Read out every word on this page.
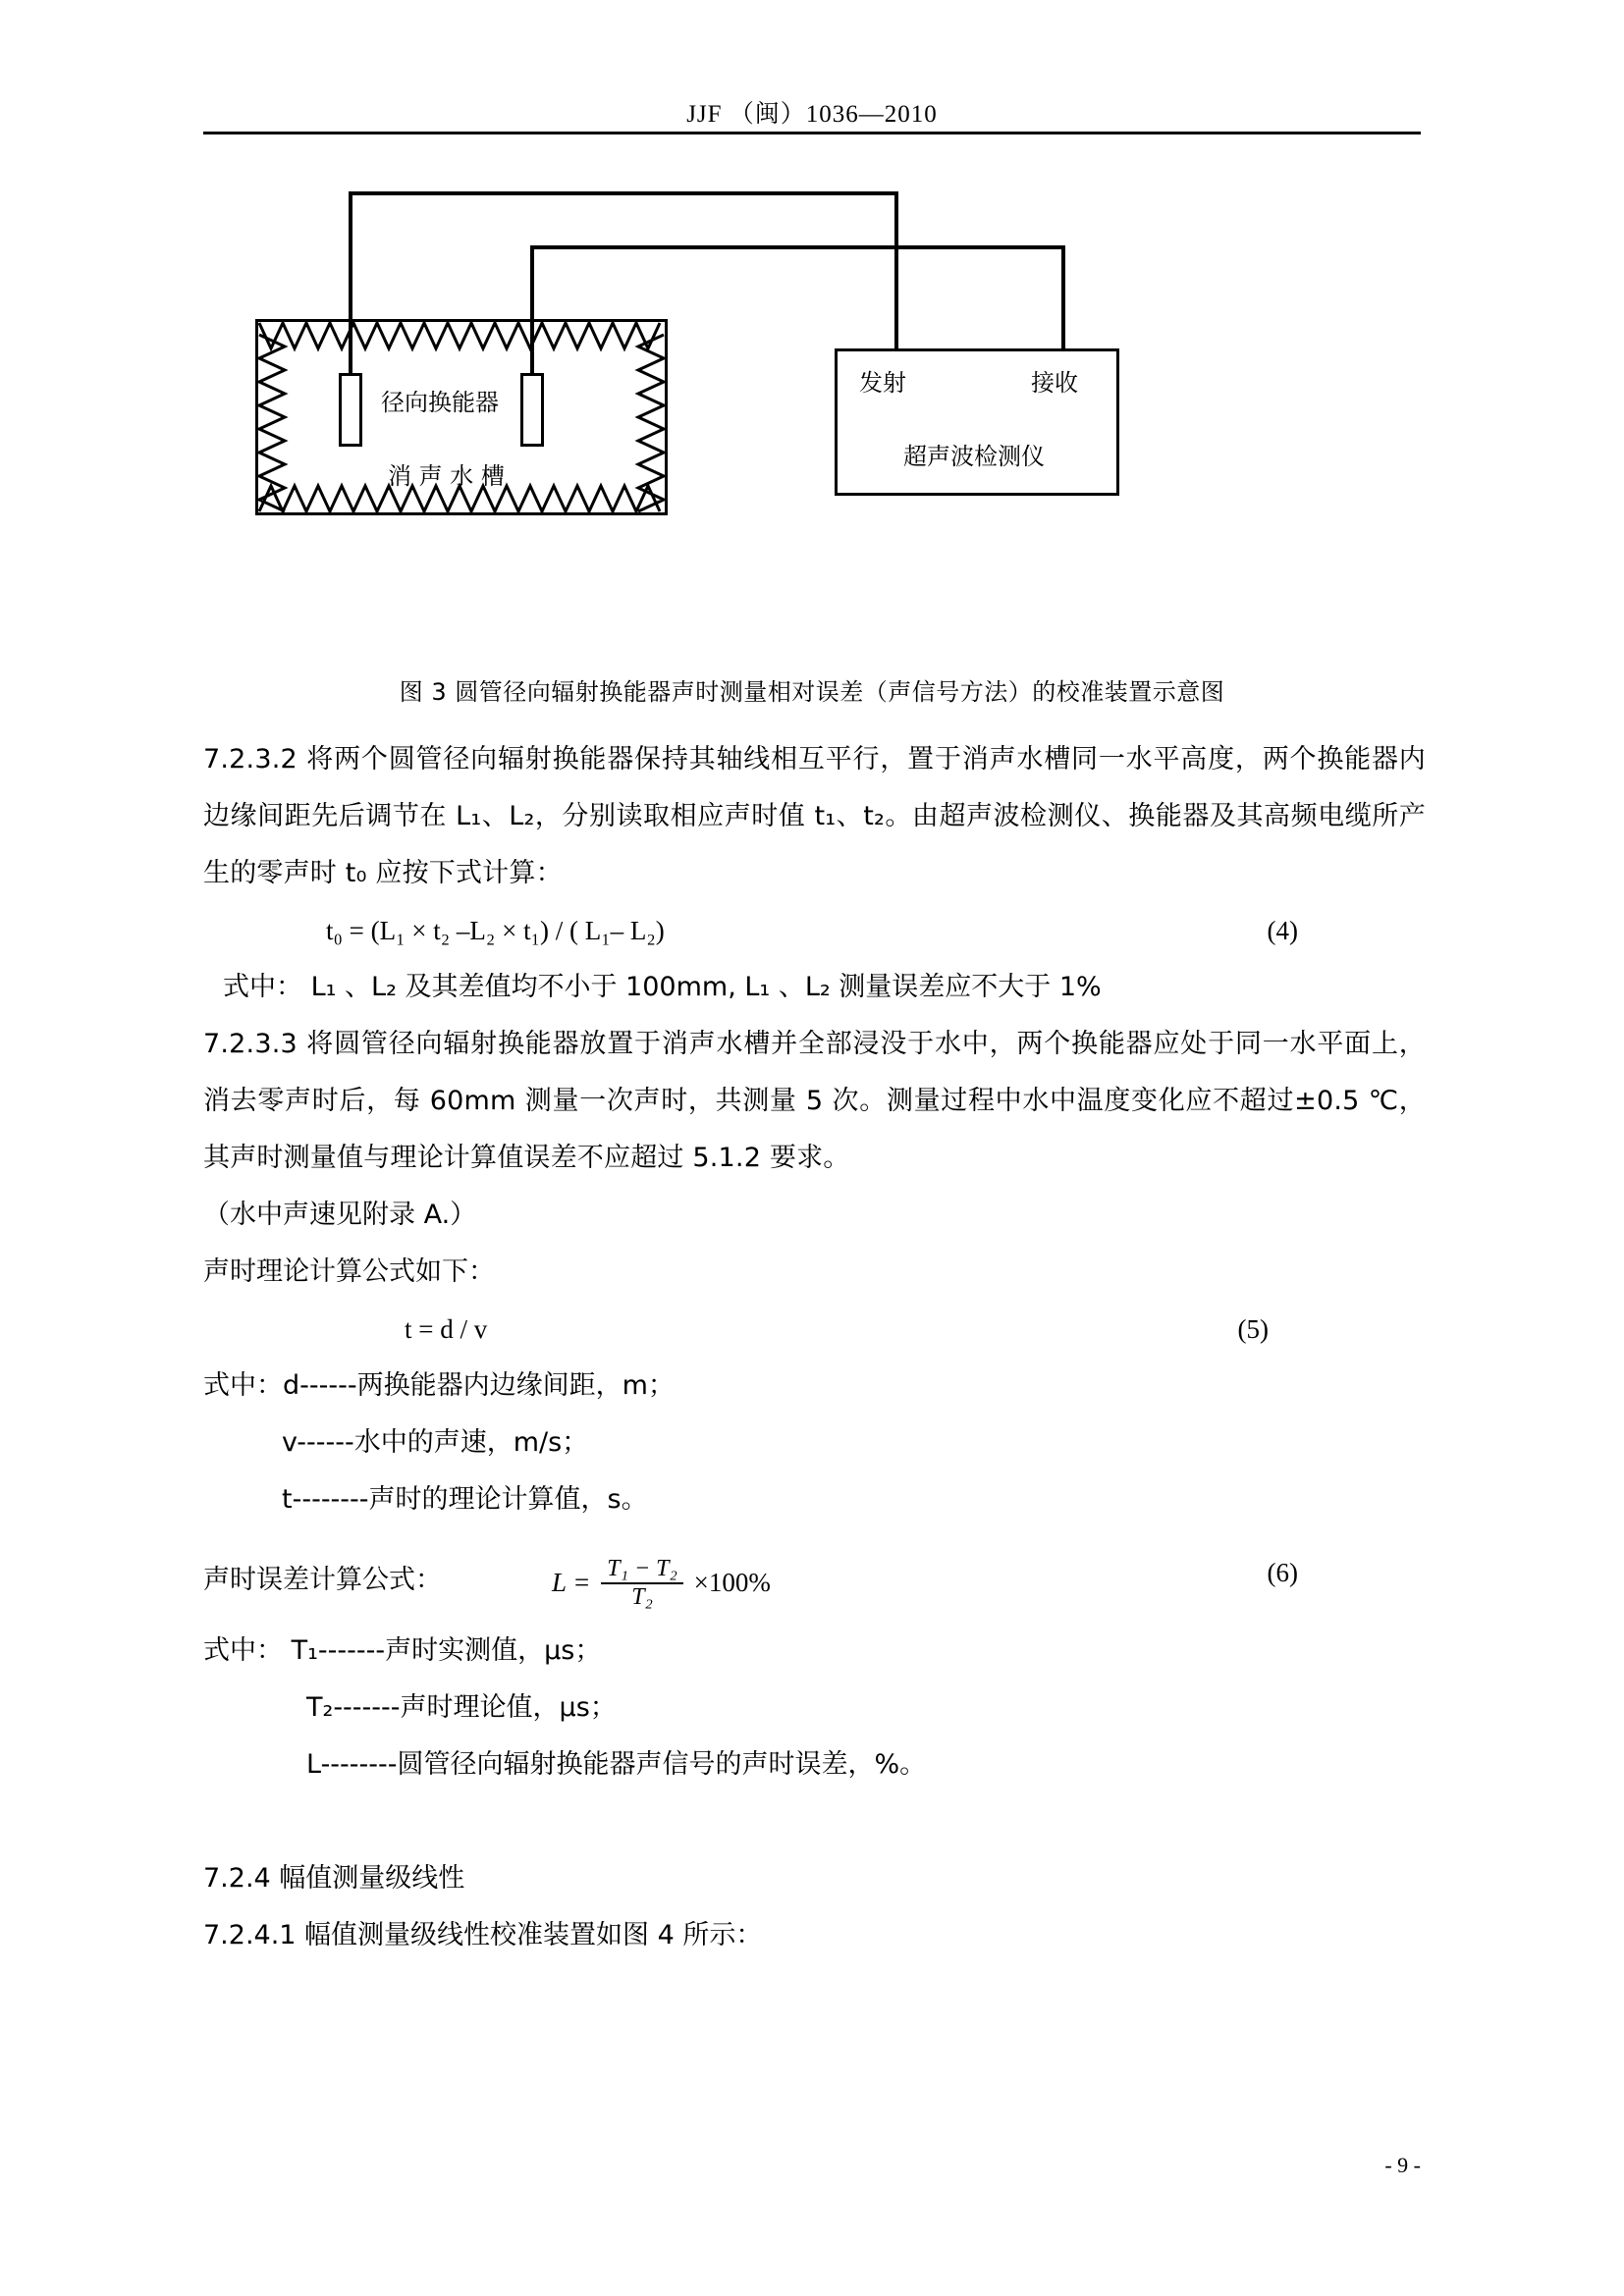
JJF （闽）1036—2010
径向换能器
消 声 水 槽
发射	接收
超声波检测仪
图 3 圆管径向辐射换能器声时测量相对误差（声信号方法）的校准装置示意图

7.2.3.2 将两个圆管径向辐射换能器保持其轴线相互平行，置于消声水槽同一水平高度，两个换能器内边缘间距先后调节在 L₁、L₂，分别读取相应声时值 t₁、t₂。由超声波检测仪、换能器及其高频电缆所产生的零声时 t₀ 应按下式计算：

t₀ = (L₁ × t₂ –L₂ × t₁) / ( L₁– L₂)	(4)
式中： L₁ 、L₂ 及其差值均不小于 100mm, L₁ 、L₂ 测量误差应不大于 1%

7.2.3.3 将圆管径向辐射换能器放置于消声水槽并全部浸没于水中，两个换能器应处于同一水平面上，消去零声时后，每 60mm 测量一次声时，共测量 5 次。测量过程中水中温度变化应不超过±0.5 ℃，其声时测量值与理论计算值误差不应超过 5.1.2 要求。

（水中声速见附录 A.）
声时理论计算公式如下：
t = d / v	(5)
式中：d------两换能器内边缘间距，m；
v------水中的声速，m/s；
t--------声时的理论计算值，s。
声时误差计算公式：	$L = \frac{\text{T₁ − T₂}}{\text{T₂}} \times 100\%$	(6)
式中： T₁-------声时实测值，μs；
T₂-------声时理论值，μs；
L--------圆管径向辐射换能器声信号的声时误差，%。
7.2.4 幅值测量级线性
7.2.4.1 幅值测量级线性校准装置如图 4 所示：
- 9 -
